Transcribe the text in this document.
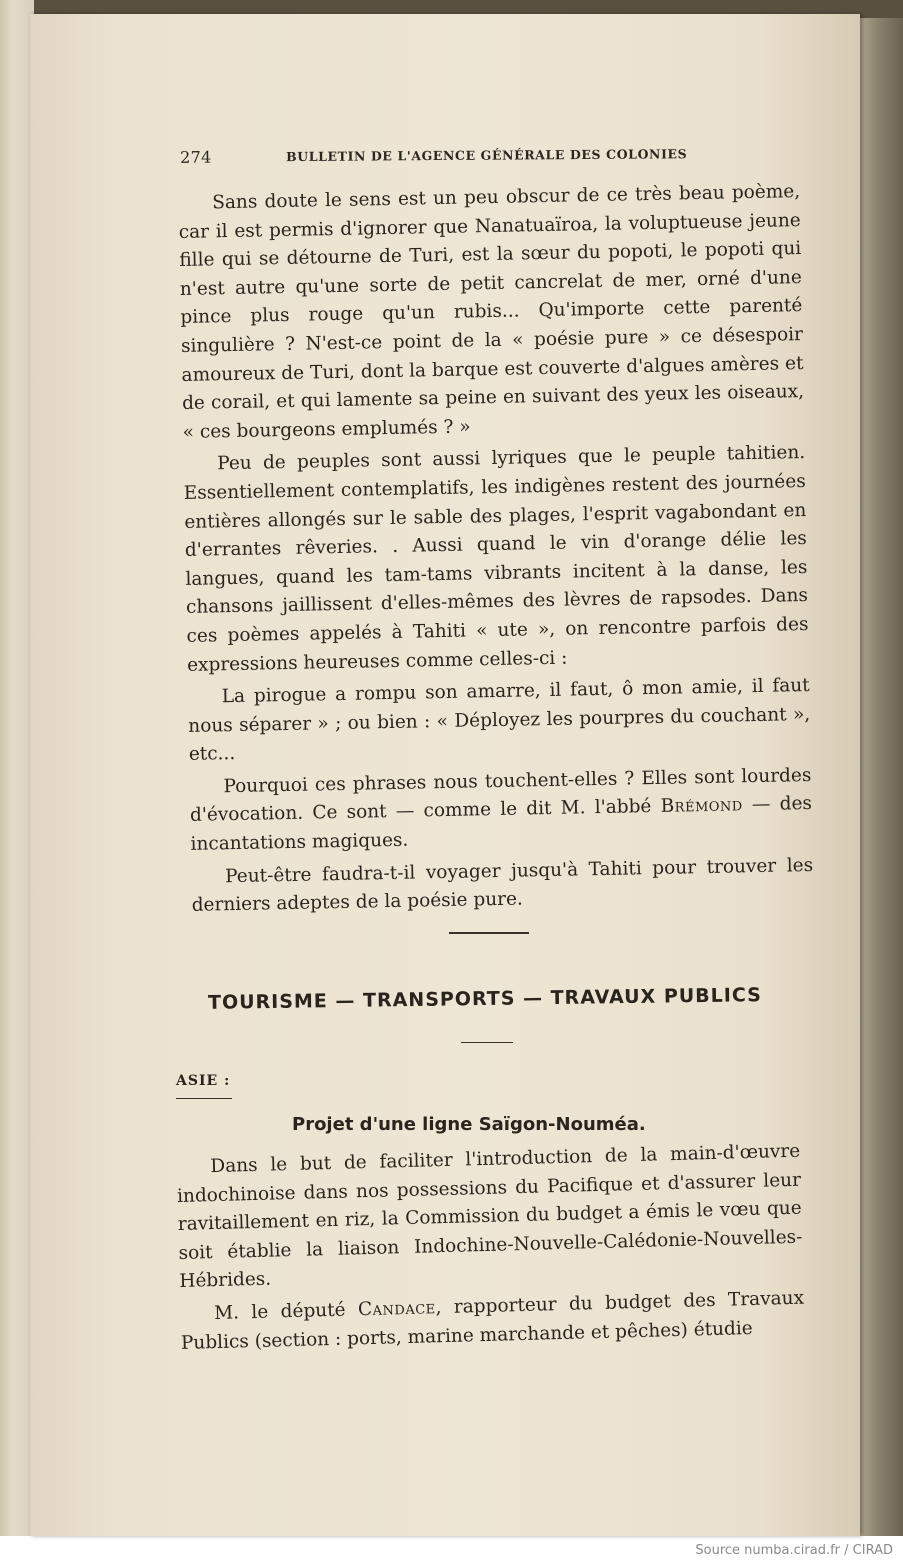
274	BULLETIN DE L'AGENCE GÉNÉRALE DES COLONIES

Sans doute le sens est un peu obscur de ce très beau poème, car il est permis d'ignorer que Nanatuaïroa, la voluptueuse jeune fille qui se détourne de Turi, est la sœur du popoti, le popoti qui n'est autre qu'une sorte de petit cancrelat de mer, orné d'une pince plus rouge qu'un rubis... Qu'importe cette parenté singulière ? N'est-ce point de la « poésie pure » ce désespoir amoureux de Turi, dont la barque est couverte d'algues amères et de corail, et qui lamente sa peine en suivant des yeux les oiseaux, « ces bourgeons emplumés ? »

Peu de peuples sont aussi lyriques que le peuple tahitien. Essentiellement contemplatifs, les indigènes restent des journées entières allongés sur le sable des plages, l'esprit vagabondant en d'errantes rêveries. . Aussi quand le vin d'orange délie les langues, quand les tam-tams vibrants incitent à la danse, les chansons jaillissent d'elles-mêmes des lèvres de rapsodes. Dans ces poèmes appelés à Tahiti « ute », on rencontre parfois des expressions heureuses comme celles-ci :

La pirogue a rompu son amarre, il faut, ô mon amie, il faut nous séparer » ; ou bien : « Déployez les pourpres du couchant », etc...

Pourquoi ces phrases nous touchent-elles ? Elles sont lourdes d'évocation. Ce sont — comme le dit M. l'abbé Brémond — des incantations magiques.

Peut-être faudra-t-il voyager jusqu'à Tahiti pour trouver les derniers adeptes de la poésie pure.

TOURISME — TRANSPORTS — TRAVAUX PUBLICS
ASIE :
Projet d'une ligne Saïgon-Nouméa.

Dans le but de faciliter l'introduction de la main-d'œuvre indochinoise dans nos possessions du Pacifique et d'assurer leur ravitaillement en riz, la Commission du budget a émis le vœu que soit établie la liaison Indochine-Nouvelle-Calédonie-Nouvelles-Hébrides.

M. le député Candace, rapporteur du budget des Travaux Publics (section : ports, marine marchande et pêches) étudie

Source numba.cirad.fr / CIRAD
